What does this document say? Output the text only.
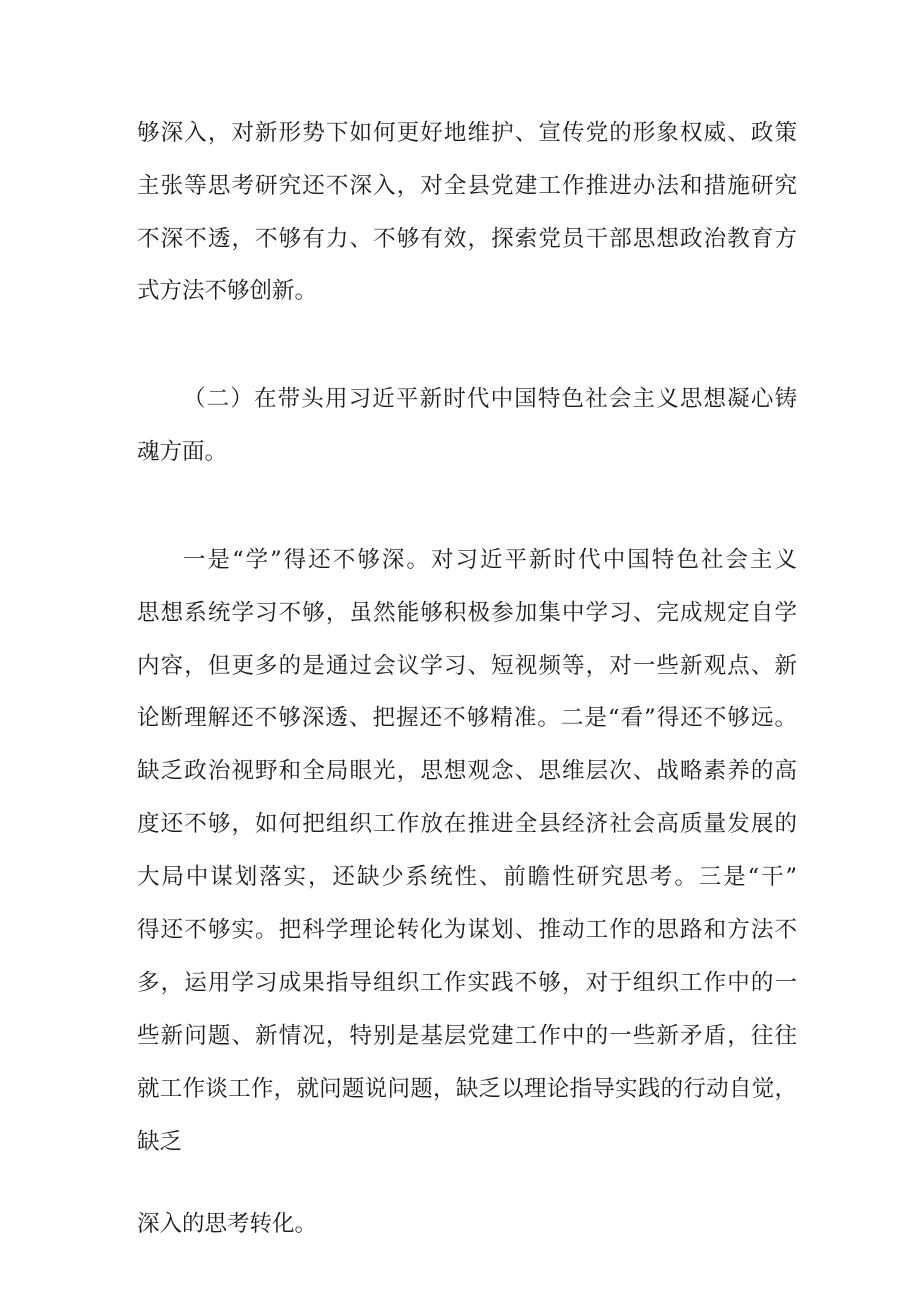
够深入，对新形势下如何更好地维护、宣传党的形象权威、政策
主张等思考研究还不深入，对全县党建工作推进办法和措施研究
不深不透，不够有力、不够有效，探索党员干部思想政治教育方
式方法不够创新。
（二）在带头用习近平新时代中国特色社会主义思想凝心铸
魂方面。
一是“学”得还不够深。对习近平新时代中国特色社会主义
思想系统学习不够，虽然能够积极参加集中学习、完成规定自学
内容，但更多的是通过会议学习、短视频等，对一些新观点、新
论断理解还不够深透、把握还不够精准。二是“看”得还不够远。
缺乏政治视野和全局眼光，思想观念、思维层次、战略素养的高
度还不够，如何把组织工作放在推进全县经济社会高质量发展的
大局中谋划落实，还缺少系统性、前瞻性研究思考。三是“干”
得还不够实。把科学理论转化为谋划、推动工作的思路和方法不
多，运用学习成果指导组织工作实践不够，对于组织工作中的一
些新问题、新情况，特别是基层党建工作中的一些新矛盾，往往
就工作谈工作，就问题说问题，缺乏以理论指导实践的行动自觉，
缺乏
深入的思考转化。
